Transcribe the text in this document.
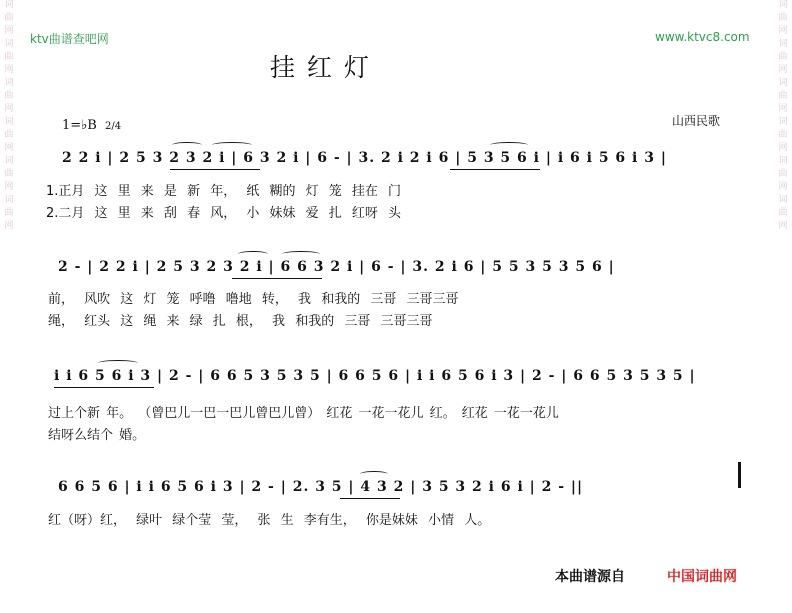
词
曲
网
词
曲
网
词
曲
网
词
曲
网
词
曲
网
词
曲
网
词
曲
网
词
曲
网
词
曲
网
词
曲
网
词
曲
网
词
曲
网
ktv曲谱查吧网	www.ktvc8.com
挂 红 灯
1=♭B 2/4	山西民歌
2 2 i | 2 5 3 2 3 2 i | 6 3 2 i | 6 - | 3. 2 i 2 i 6 | 5 3 5 6 i | i 6 i 5 6 i 3 |
1.正月 这 里 来 是 新 年， 纸 糊的 灯 笼 挂在 门
2.二月 这 里 来 刮 春 风， 小 妹妹 爱 扎 红呀 头
2 - | 2 2 i | 2 5 3 2 3 2 i | 6 6 3 2 i | 6 - | 3. 2 i 6 | 5 5 3 5 3 5 6 |
前， 风吹 这 灯 笼 呼噜 噜地 转， 我 和我的 三哥 三哥三哥
绳， 红头 这 绳 来 绿 扎 根， 我 和我的 三哥 三哥三哥
i i 6 5 6 i 3 | 2 - | 6 6 5 3 5 3 5 | 6 6 5 6 | i i 6 5 6 i 3 | 2 - | 6 6 5 3 5 3 5 |
过上个新 年。 （曾巴儿一巴一巴儿曾巴儿曾） 红花 一花一花儿 红。 红花 一花一花儿
结呀么结个 婚。
6 6 5 6 | i i 6 5 6 i 3 | 2 - | 2. 3 5 | 4 3 2 | 3 5 3 2 i 6 i | 2 - ||
红（呀）红， 绿叶 绿个莹 莹， 张 生 李有生， 你是妹妹 小情 人。
本曲谱源自	中国词曲网
